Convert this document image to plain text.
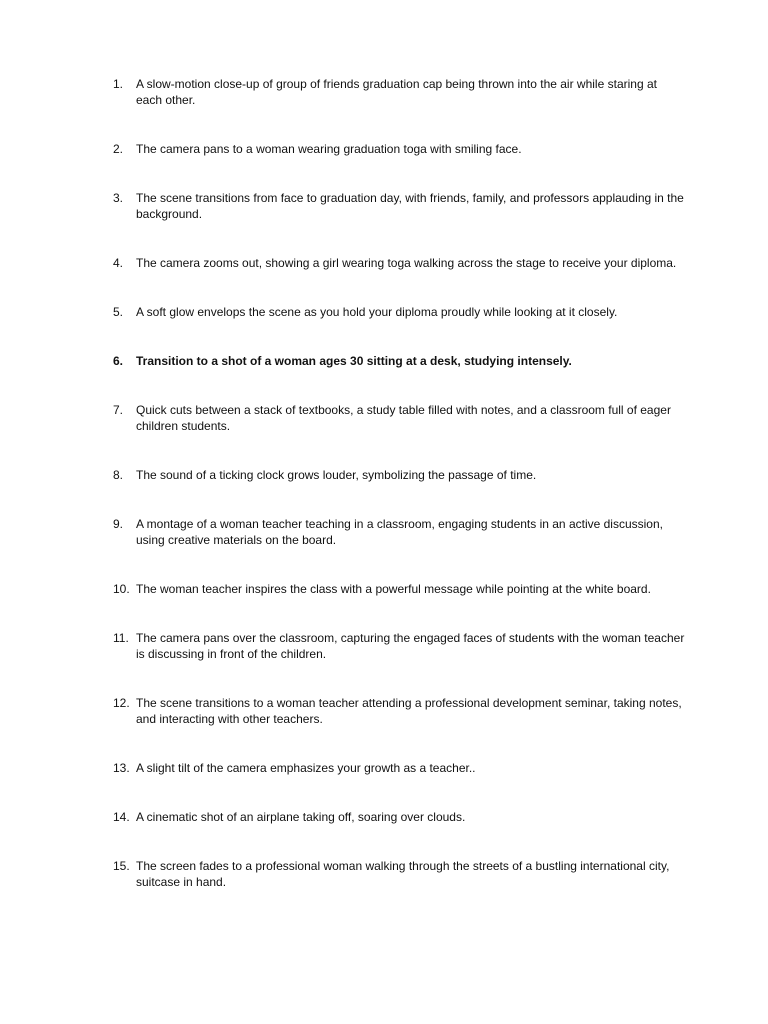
1. A slow-motion close-up of group of friends graduation cap being thrown into the air while staring at each other.
2. The camera pans to a woman wearing graduation toga with smiling face.
3. The scene transitions from face to graduation day, with friends, family, and professors applauding in the background.
4. The camera zooms out, showing a girl wearing toga walking across the stage to receive your diploma.
5. A soft glow envelops the scene as you hold your diploma proudly while looking at it closely.
6. Transition to a shot of a woman ages 30 sitting at a desk, studying intensely.
7. Quick cuts between a stack of textbooks, a study table filled with notes, and a classroom full of eager children students.
8. The sound of a ticking clock grows louder, symbolizing the passage of time.
9. A montage of a woman teacher teaching in a classroom, engaging students in an active discussion, using creative materials on the board.
10. The woman teacher inspires the class with a powerful message while pointing at the white board.
11. The camera pans over the classroom, capturing the engaged faces of students with the woman teacher is discussing in front of the children.
12. The scene transitions to a woman teacher attending a professional development seminar, taking notes, and interacting with other teachers.
13. A slight tilt of the camera emphasizes your growth as a teacher..
14. A cinematic shot of an airplane taking off, soaring over clouds.
15. The screen fades to a professional woman walking through the streets of a bustling international city, suitcase in hand.
